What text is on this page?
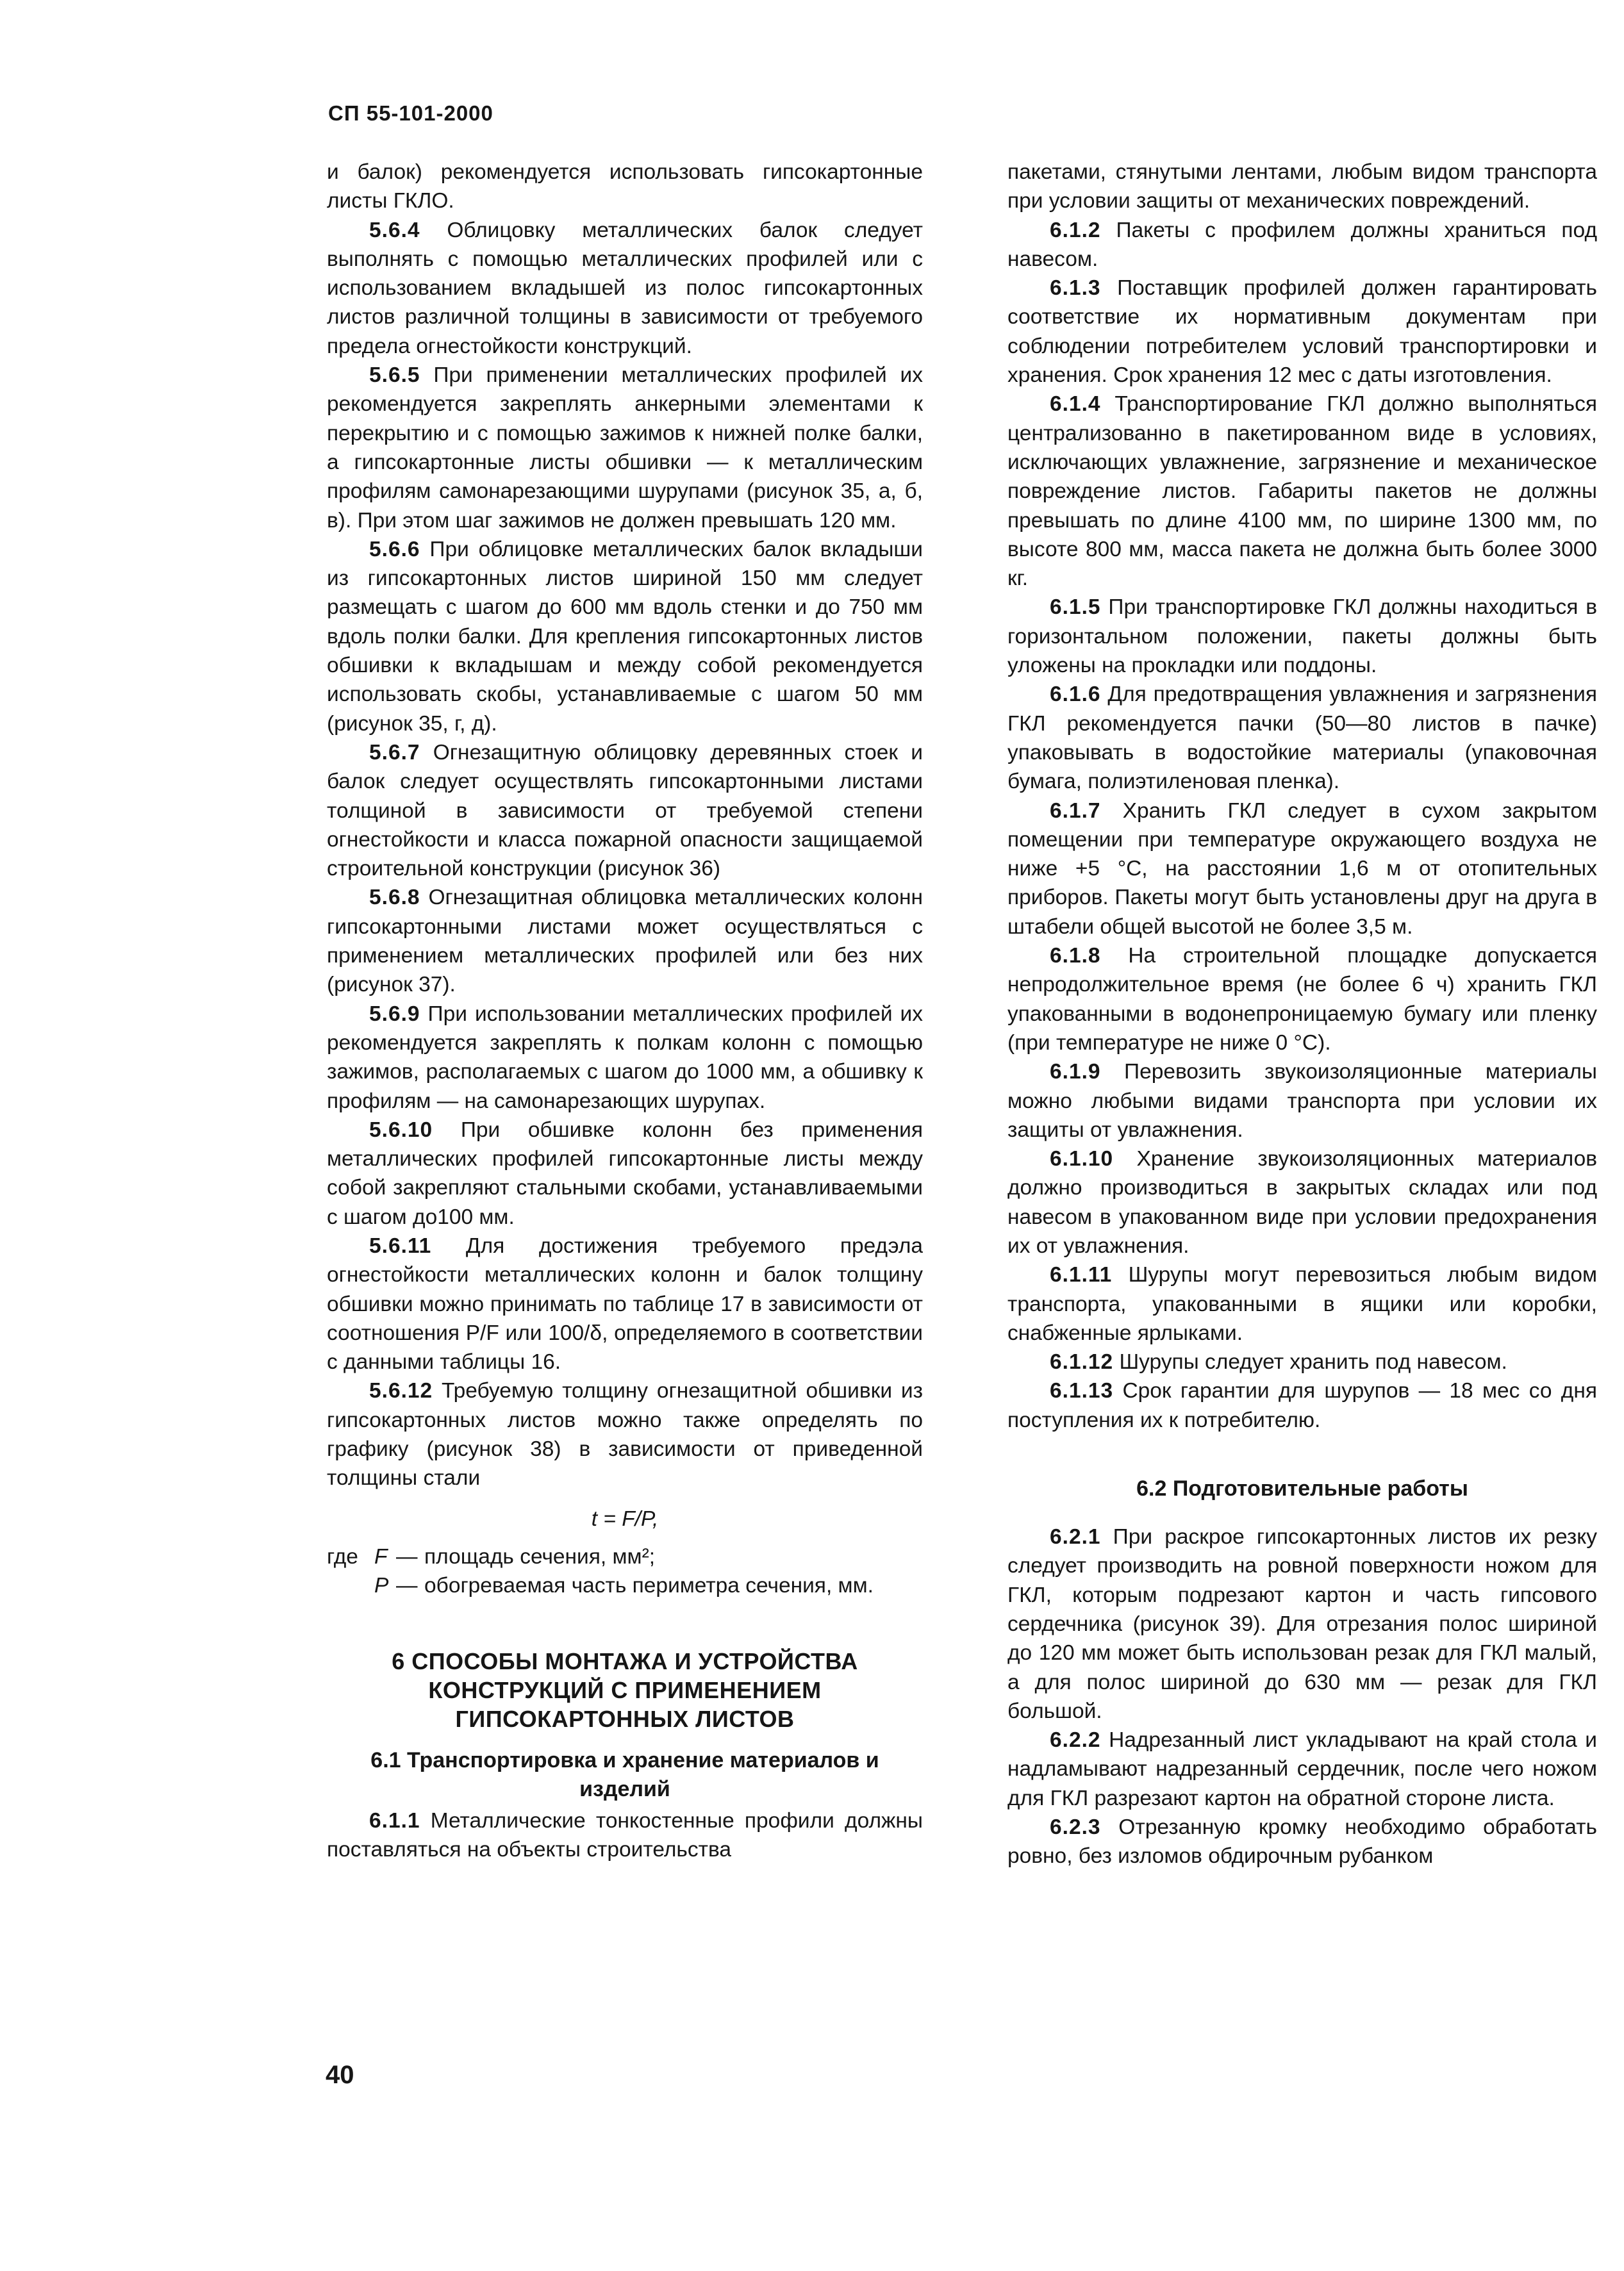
СП 55-101-2000

и балок) рекомендуется использовать гипсокартонные листы ГКЛО.

5.6.4 Облицовку металлических балок следует выполнять с помощью металлических профилей или с использованием вкладышей из полос гипсокартонных листов различной толщины в зависимости от требуемого предела огнестойкости конструкций.

5.6.5 При применении металлических профилей их рекомендуется закреплять анкерными элементами к перекрытию и с помощью зажимов к нижней полке балки, а гипсокартонные листы обшивки — к металлическим профилям самонарезающими шурупами (рисунок 35, а, б, в). При этом шаг зажимов не должен превышать 120 мм.

5.6.6 При облицовке металлических балок вкладыши из гипсокартонных листов шириной 150 мм следует размещать с шагом до 600 мм вдоль стенки и до 750 мм вдоль полки балки. Для крепления гипсокартонных листов обшивки к вкладышам и между собой рекомендуется использовать скобы, устанавливаемые с шагом 50 мм (рисунок 35, г, д).

5.6.7 Огнезащитную облицовку деревянных стоек и балок следует осуществлять гипсокартонными листами толщиной в зависимости от требуемой степени огнестойкости и класса пожарной опасности защищаемой строительной конструкции (рисунок 36)

5.6.8 Огнезащитная облицовка металлических колонн гипсокартонными листами может осуществляться с применением металлических профилей или без них (рисунок 37).

5.6.9 При использовании металлических профилей их рекомендуется закреплять к полкам колонн с помощью зажимов, располагаемых с шагом до 1000 мм, а обшивку к профилям — на самонарезающих шурупах.

5.6.10 При обшивке колонн без применения металлических профилей гипсокартонные листы между собой закрепляют стальными скобами, устанавливаемыми с шагом до100 мм.

5.6.11 Для достижения требуемого предэла огнестойкости металлических колонн и балок толщину обшивки можно принимать по таблице 17 в зависимости от соотношения P/F или 100/δ, определяемого в соответствии с данными таблицы 16.

5.6.12 Требуемую толщину огнезащитной обшивки из гипсокартонных листов можно также определять по графику (рисунок 38) в зависимости от приведенной толщины стали

t = F/P,

где F — площадь сечения, мм²;
P — обогреваемая часть периметра сечения, мм.

6 СПОСОБЫ МОНТАЖА И УСТРОЙСТВА КОНСТРУКЦИЙ С ПРИМЕНЕНИЕМ ГИПСОКАРТОННЫХ ЛИСТОВ

6.1 Транспортировка и хранение материалов и изделий

6.1.1 Металлические тонкостенные профили должны поставляться на объекты строительства

пакетами, стянутыми лентами, любым видом транспорта при условии защиты от механических повреждений.

6.1.2 Пакеты с профилем должны храниться под навесом.

6.1.3 Поставщик профилей должен гарантировать соответствие их нормативным документам при соблюдении потребителем условий транспортировки и хранения. Срок хранения 12 мес с даты изготовления.

6.1.4 Транспортирование ГКЛ должно выполняться централизованно в пакетированном виде в условиях, исключающих увлажнение, загрязнение и механическое повреждение листов. Габариты пакетов не должны превышать по длине 4100 мм, по ширине 1300 мм, по высоте 800 мм, масса пакета не должна быть более 3000 кг.

6.1.5 При транспортировке ГКЛ должны находиться в горизонтальном положении, пакеты должны быть уложены на прокладки или поддоны.

6.1.6 Для предотвращения увлажнения и загрязнения ГКЛ рекомендуется пачки (50—80 листов в пачке) упаковывать в водостойкие материалы (упаковочная бумага, полиэтиленовая пленка).

6.1.7 Хранить ГКЛ следует в сухом закрытом помещении при температуре окружающего воздуха не ниже +5 °С, на расстоянии 1,6 м от отопительных приборов. Пакеты могут быть установлены друг на друга в штабели общей высотой не более 3,5 м.

6.1.8 На строительной площадке допускается непродолжительное время (не более 6 ч) хранить ГКЛ упакованными в водонепроницаемую бумагу или пленку (при температуре не ниже 0 °С).

6.1.9 Перевозить звукоизоляционные материалы можно любыми видами транспорта при условии их защиты от увлажнения.

6.1.10 Хранение звукоизоляционных материалов должно производиться в закрытых складах или под навесом в упакованном виде при условии предохранения их от увлажнения.

6.1.11 Шурупы могут перевозиться любым видом транспорта, упакованными в ящики или коробки, снабженные ярлыками.

6.1.12 Шурупы следует хранить под навесом.

6.1.13 Срок гарантии для шурупов — 18 мес со дня поступления их к потребителю.

6.2 Подготовительные работы

6.2.1 При раскрое гипсокартонных листов их резку следует производить на ровной поверхности ножом для ГКЛ, которым подрезают картон и часть гипсового сердечника (рисунок 39). Для отрезания полос шириной до 120 мм может быть использован резак для ГКЛ малый, а для полос шириной до 630 мм — резак для ГКЛ большой.

6.2.2 Надрезанный лист укладывают на край стола и надламывают надрезанный сердечник, после чего ножом для ГКЛ разрезают картон на обратной стороне листа.

6.2.3 Отрезанную кромку необходимо обработать ровно, без изломов обдирочным рубанком

40
